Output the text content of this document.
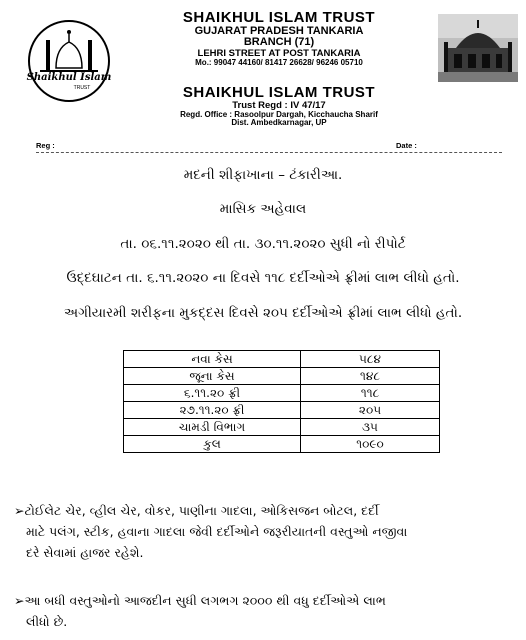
Shaikhul Islam
TRUST
SHAIKHUL ISLAM TRUST
GUJARAT PRADESH TANKARIA
BRANCH (71)
LEHRI STREET AT POST TANKARIA
Mo.: 99047 44160/ 81417 26628/ 96246 05710
SHAIKHUL ISLAM TRUST
Trust Regd : IV 47/17
Regd. Office : Rasoolpur Dargah, Kicchaucha Sharif
Dist. Ambedkarnagar, UP
Reg :	Date :
મદની શીફાખાના – ટંકારીઆ.
માસિક અહેવાલ
તા. ૦૬.૧૧.૨૦૨૦ થી તા. ૩૦.૧૧.૨૦૨૦ સુધી નો રીપોર્ટ
ઉદ્દઘાટન તા. ૬.૧૧.૨૦૨૦ ના દિવસે ૧૧૮ દર્દીઓએ ફ્રીમાં લાભ લીધો હતો.
અગીયારમી શરીફના મુકદ્દસ દિવસે ૨૦૫ દર્દીઓએ ફ્રીમાં લાભ લીધો હતો.
નવા કેસ	૫૮૪
જૂના કેસ	૧૪૮
૬.૧૧.૨૦ ફ્રી	૧૧૮
૨૭.૧૧.૨૦ ફ્રી	૨૦૫
ચામડી વિભાગ	૩૫
કુલ	૧૦૯૦
➢ટોઈલેટ ચેર, વ્હીલ ચેર, વોકર, પાણીના ગાદલા, ઓકિસજન બોટલ, દર્દી
માટે પલંગ, સ્ટીક, હવાના ગાદલા જેવી દર્દીઓને જરૂરીયાતની વસ્તુઓ નજીવા
દરે સેવામાં હાજર રહેશે.
➢આ બધી વસ્તુઓનો આજદીન સુધી લગભગ ૨૦૦૦ થી વધુ દર્દીઓએ લાભ
લીધો છે.
